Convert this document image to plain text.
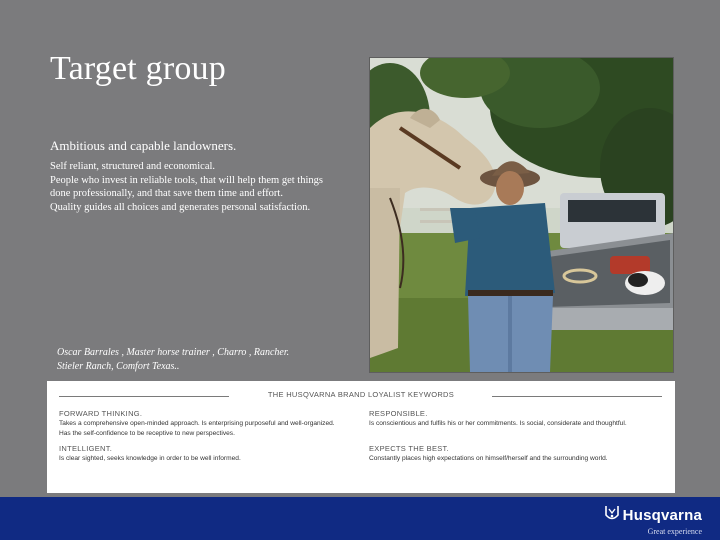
Target group
Ambitious and capable landowners.
Self reliant, structured and economical.
People who invest in reliable tools, that will help them get things done professionally, and that save them time and effort.
Quality guides all choices and generates personal satisfaction.
Oscar Barrales , Master horse trainer , Charro , Rancher.
Stieler Ranch, Comfort Texas..
THE HUSQVARNA BRAND LOYALIST KEYWORDS
FORWARD THINKING.
Takes a comprehensive open-minded approach. Is enterprising purposeful and well-organized. Has the self-confidence to be receptive to new perspectives.
RESPONSIBLE.
Is conscientious and fulfils his or her commitments. Is social, considerate and thoughtful.
INTELLIGENT.
Is clear sighted, seeks knowledge in order to be well informed.
EXPECTS THE BEST.
Constantly places high expectations on himself/herself and the surrounding world.
Husqvarna
Great experience
